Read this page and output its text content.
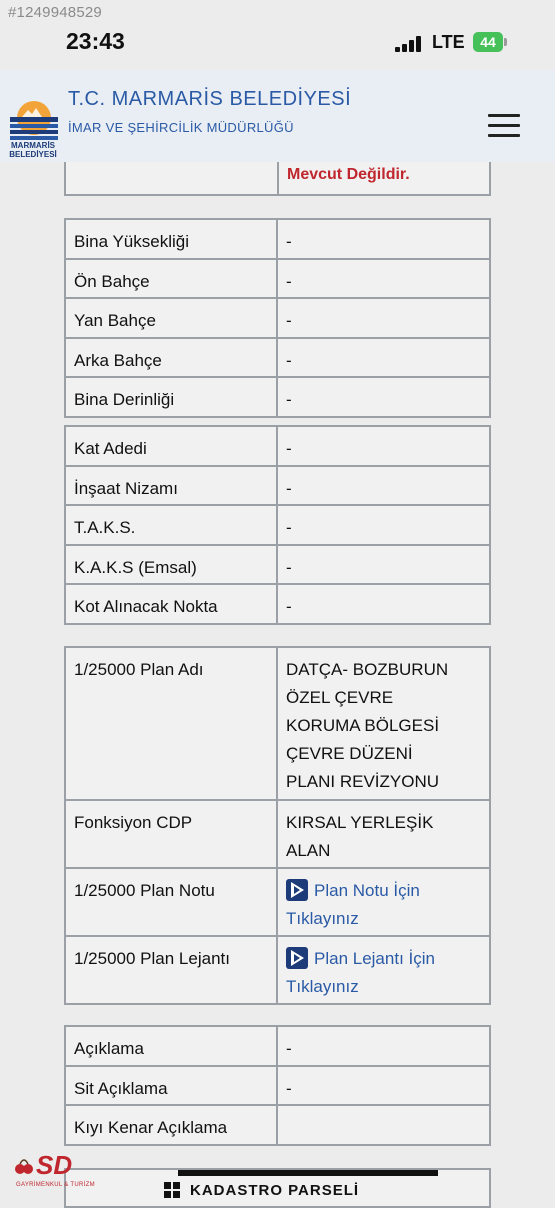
#1249948529
23:43	LTE	44
MARMARİS BELEDİYESİ
T.C. MARMARİS BELEDİYESİ
İMAR VE ŞEHİRCİLİK MÜDÜRLÜĞÜ
Mevcut Değildir.
Bina Yüksekliği	-
Ön Bahçe	-
Yan Bahçe	-
Arka Bahçe	-
Bina Derinliği	-
Kat Adedi	-
İnşaat Nizamı	-
T.A.K.S.	-
K.A.K.S (Emsal)	-
Kot Alınacak Nokta	-
1/25000 Plan Adı	DATÇA- BOZBURUN
ÖZEL ÇEVRE
KORUMA BÖLGESİ
ÇEVRE DÜZENİ
PLANI REVİZYONU

Fonksiyon CDP	KIRSAL YERLEŞİK
ALAN

1/25000 Plan Notu	Plan Notu İçin
Tıklayınız

1/25000 Plan Lejantı	Plan Lejantı İçin
Tıklayınız
Açıklama	-
Sit Açıklama	-
Kıyı Kenar Açıklama	
KADASTRO PARSELİ
SD
GAYRİMENKUL & TURİZM
